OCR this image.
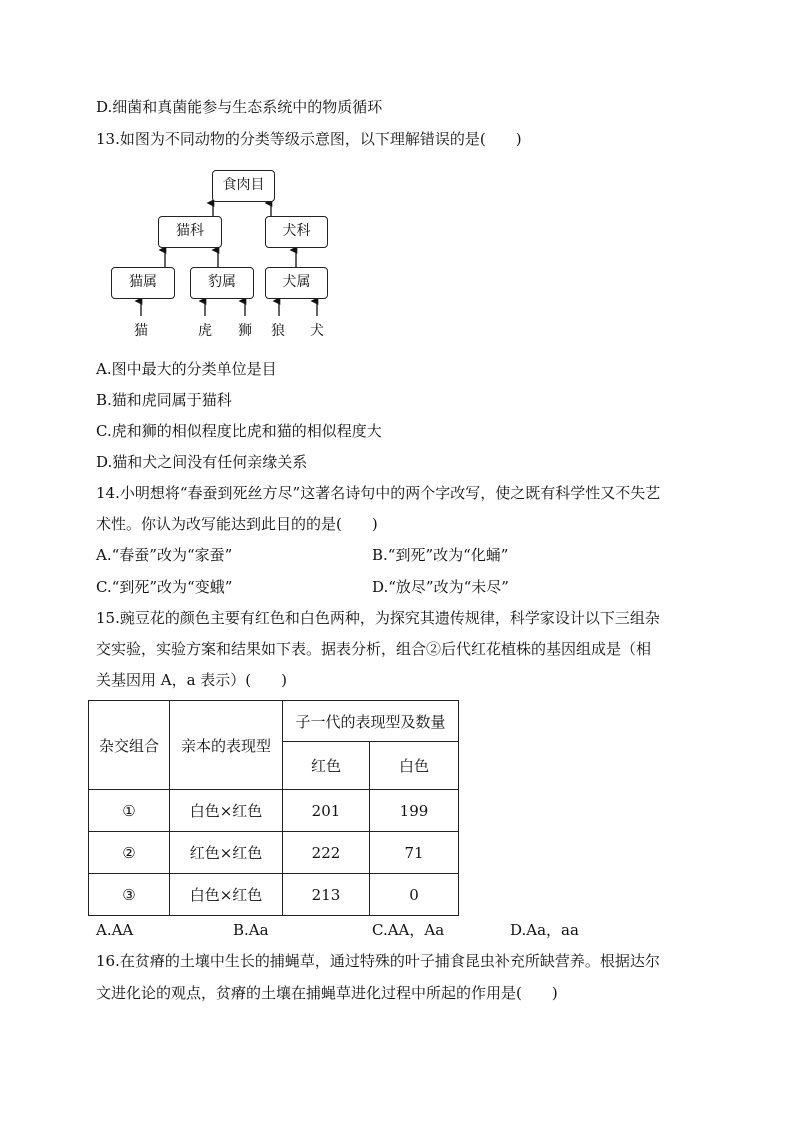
D.细菌和真菌能参与生态系统中的物质循环
13.如图为不同动物的分类等级示意图，以下理解错误的是(　　)
食肉目
猫科	犬科
猫属	豹属	犬属
猫	虎 狮 狼 犬
A.图中最大的分类单位是目
B.猫和虎同属于猫科
C.虎和狮的相似程度比虎和猫的相似程度大
D.猫和犬之间没有任何亲缘关系
14.小明想将“春蚕到死丝方尽”这著名诗句中的两个字改写，使之既有科学性又不失艺
术性。你认为改写能达到此目的的是(　　)
A.“春蚕”改为“家蚕”	B.“到死”改为“化蛹”
C.“到死”改为“变蛾”	D.“放尽”改为“未尽”
15.豌豆花的颜色主要有红色和白色两种，为探究其遗传规律，科学家设计以下三组杂
交实验，实验方案和结果如下表。据表分析，组合②后代红花植株的基因组成是（相
关基因用 A，a 表示）(　　)
杂交组合	亲本的表现型	子一代的表现型及数量	
		红色	白色
①	白色×红色	201	199
②	红色×红色	222	71
③	白色×红色	213	0
A.AA	B.Aa	C.AA，Aa	D.Aa，aa
16.在贫瘠的土壤中生长的捕蝇草，通过特殊的叶子捕食昆虫补充所缺营养。根据达尔
文进化论的观点，贫瘠的土壤在捕蝇草进化过程中所起的作用是(　　)
